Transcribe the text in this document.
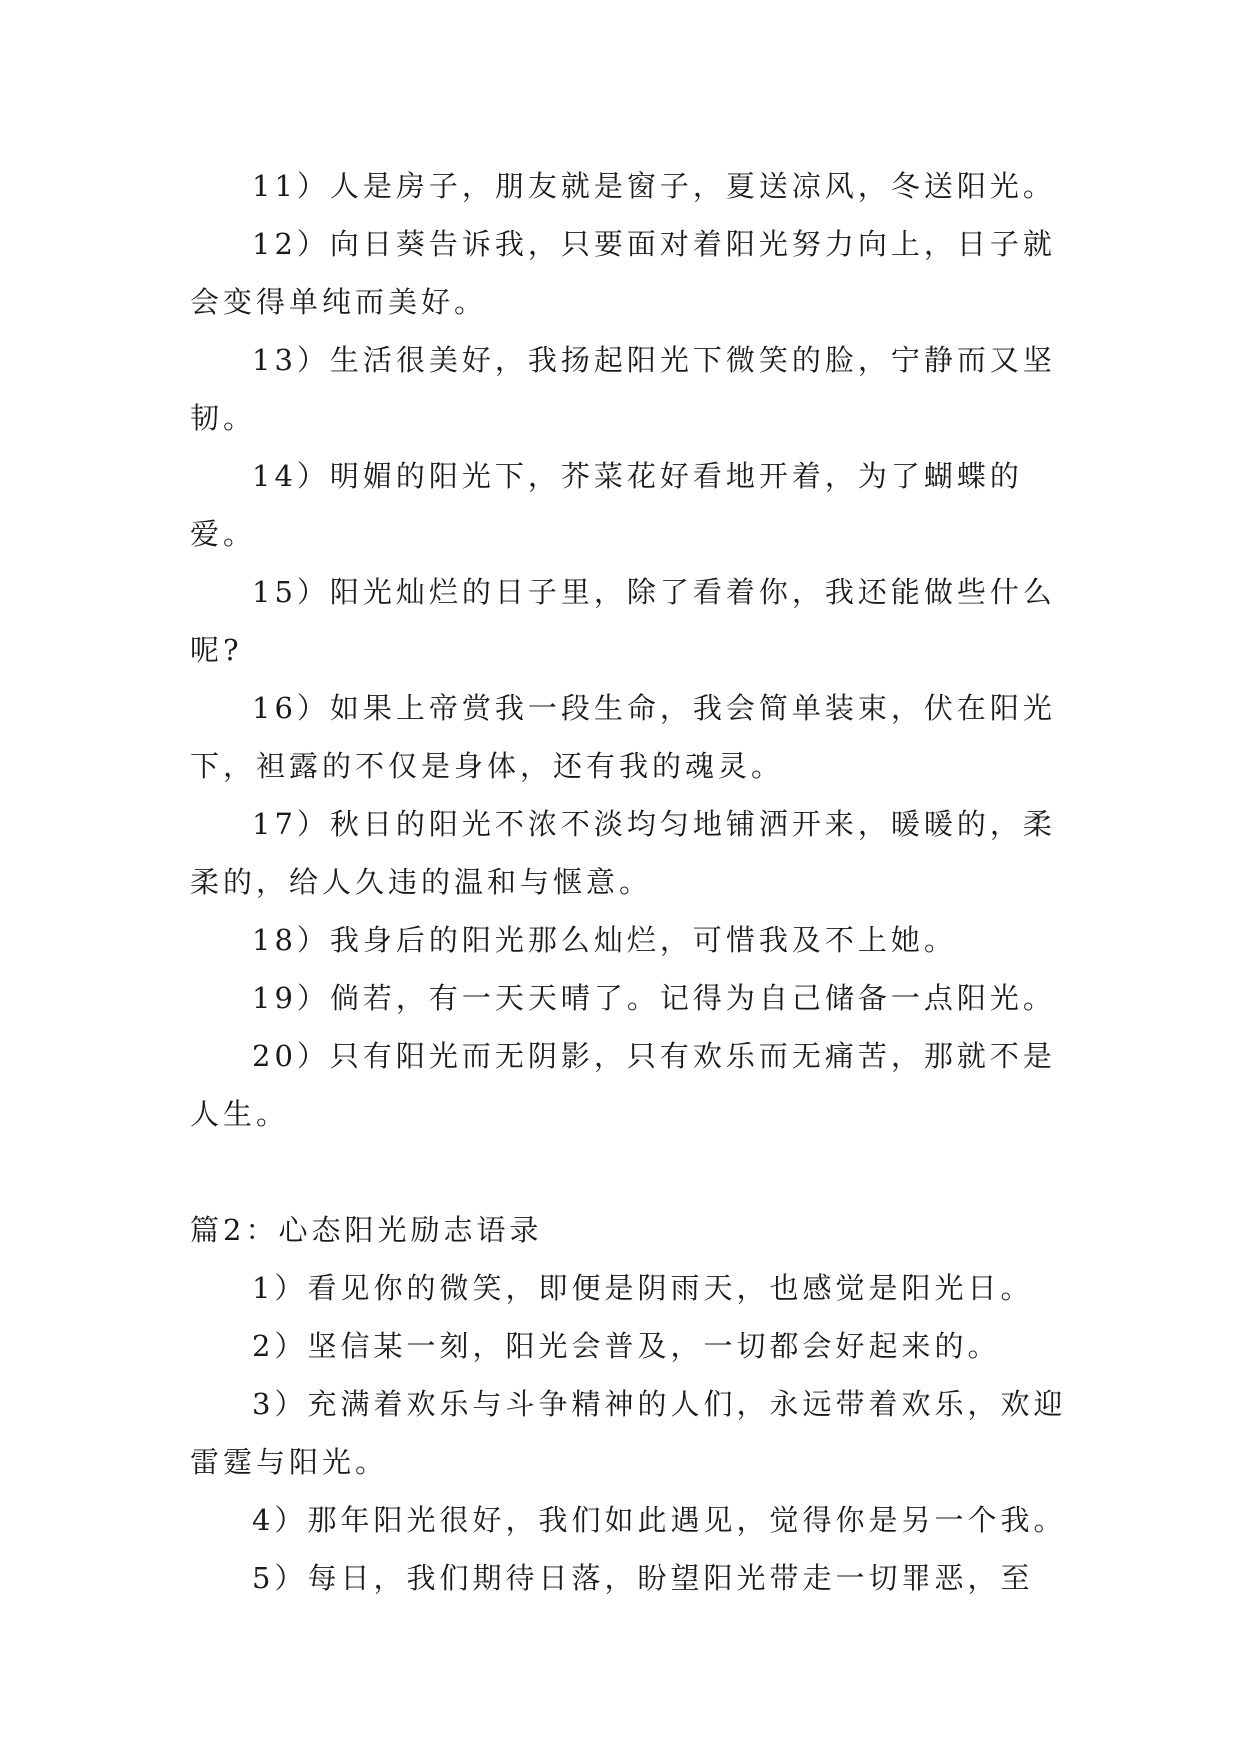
11）人是房子，朋友就是窗子，夏送凉风，冬送阳光。

12）向日葵告诉我，只要面对着阳光努力向上，日子就会变得单纯而美好。

13）生活很美好，我扬起阳光下微笑的脸，宁静而又坚韧。

14）明媚的阳光下，芥菜花好看地开着，为了蝴蝶的爱。

15）阳光灿烂的日子里，除了看着你，我还能做些什么呢?

16）如果上帝赏我一段生命，我会简单装束，伏在阳光下，袒露的不仅是身体，还有我的魂灵。

17）秋日的阳光不浓不淡均匀地铺洒开来，暖暖的，柔柔的，给人久违的温和与惬意。

18）我身后的阳光那么灿烂，可惜我及不上她。

19）倘若，有一天天晴了。记得为自己储备一点阳光。

20）只有阳光而无阴影，只有欢乐而无痛苦，那就不是人生。

篇2：心态阳光励志语录

1）看见你的微笑，即便是阴雨天，也感觉是阳光日。

2）坚信某一刻，阳光会普及，一切都会好起来的。

3）充满着欢乐与斗争精神的人们，永远带着欢乐，欢迎雷霆与阳光。

4）那年阳光很好，我们如此遇见，觉得你是另一个我。

5）每日，我们期待日落，盼望阳光带走一切罪恶，至
